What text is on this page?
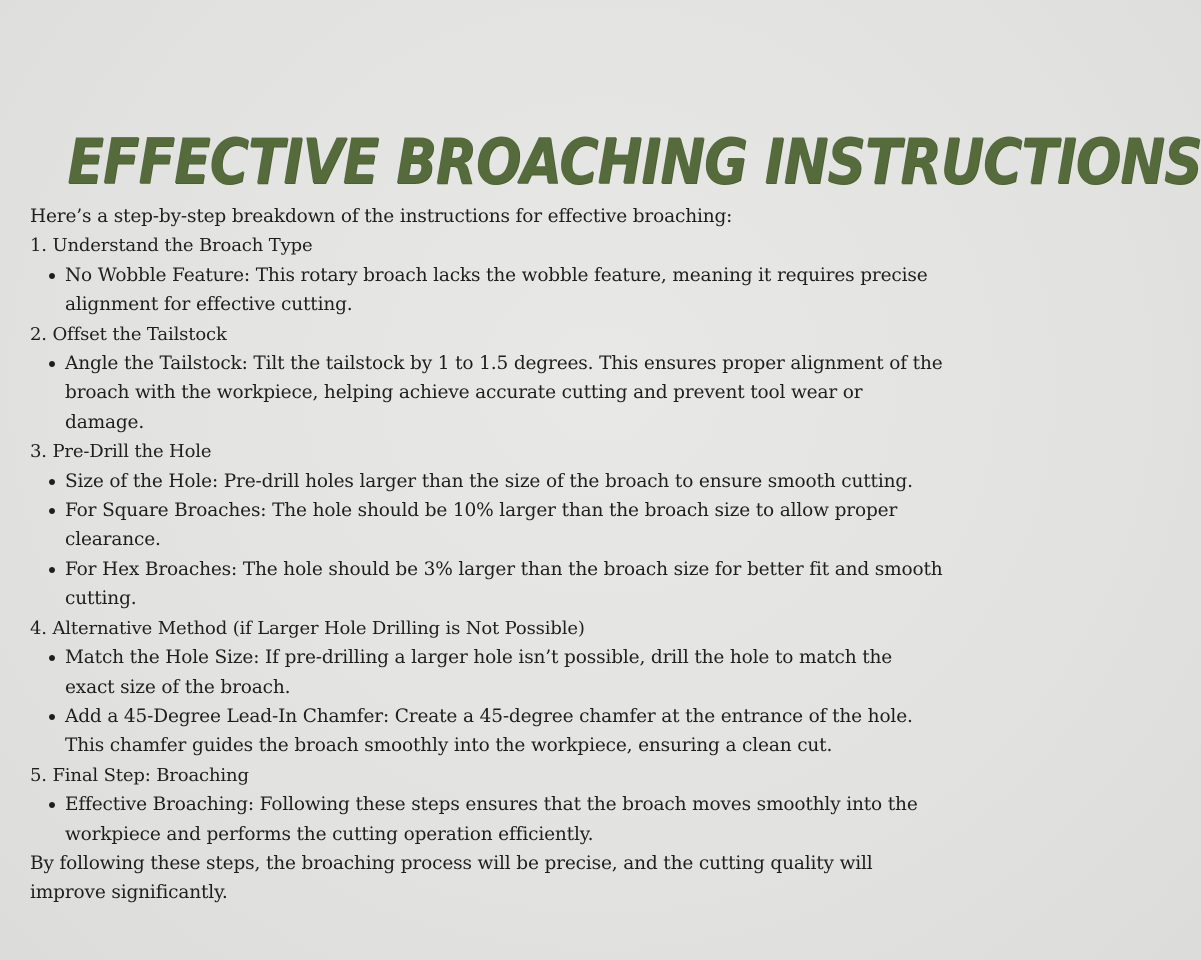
EFFECTIVE BROACHING INSTRUCTIONS

Here’s a step-by-step breakdown of the instructions for effective broaching:

1. Understand the Broach Type

No Wobble Feature: This rotary broach lacks the wobble feature, meaning it requires precise alignment for effective cutting.

2. Offset the Tailstock

Angle the Tailstock: Tilt the tailstock by 1 to 1.5 degrees. This ensures proper alignment of the broach with the workpiece, helping achieve accurate cutting and prevent tool wear or damage.

3. Pre-Drill the Hole

Size of the Hole: Pre-drill holes larger than the size of the broach to ensure smooth cutting.
For Square Broaches: The hole should be 10% larger than the broach size to allow proper clearance.
For Hex Broaches: The hole should be 3% larger than the broach size for better fit and smooth cutting.

4. Alternative Method (if Larger Hole Drilling is Not Possible)

Match the Hole Size: If pre-drilling a larger hole isn’t possible, drill the hole to match the exact size of the broach.
Add a 45-Degree Lead-In Chamfer: Create a 45-degree chamfer at the entrance of the hole. This chamfer guides the broach smoothly into the workpiece, ensuring a clean cut.

5. Final Step: Broaching

Effective Broaching: Following these steps ensures that the broach moves smoothly into the workpiece and performs the cutting operation efficiently.

By following these steps, the broaching process will be precise, and the cutting quality will improve significantly.
